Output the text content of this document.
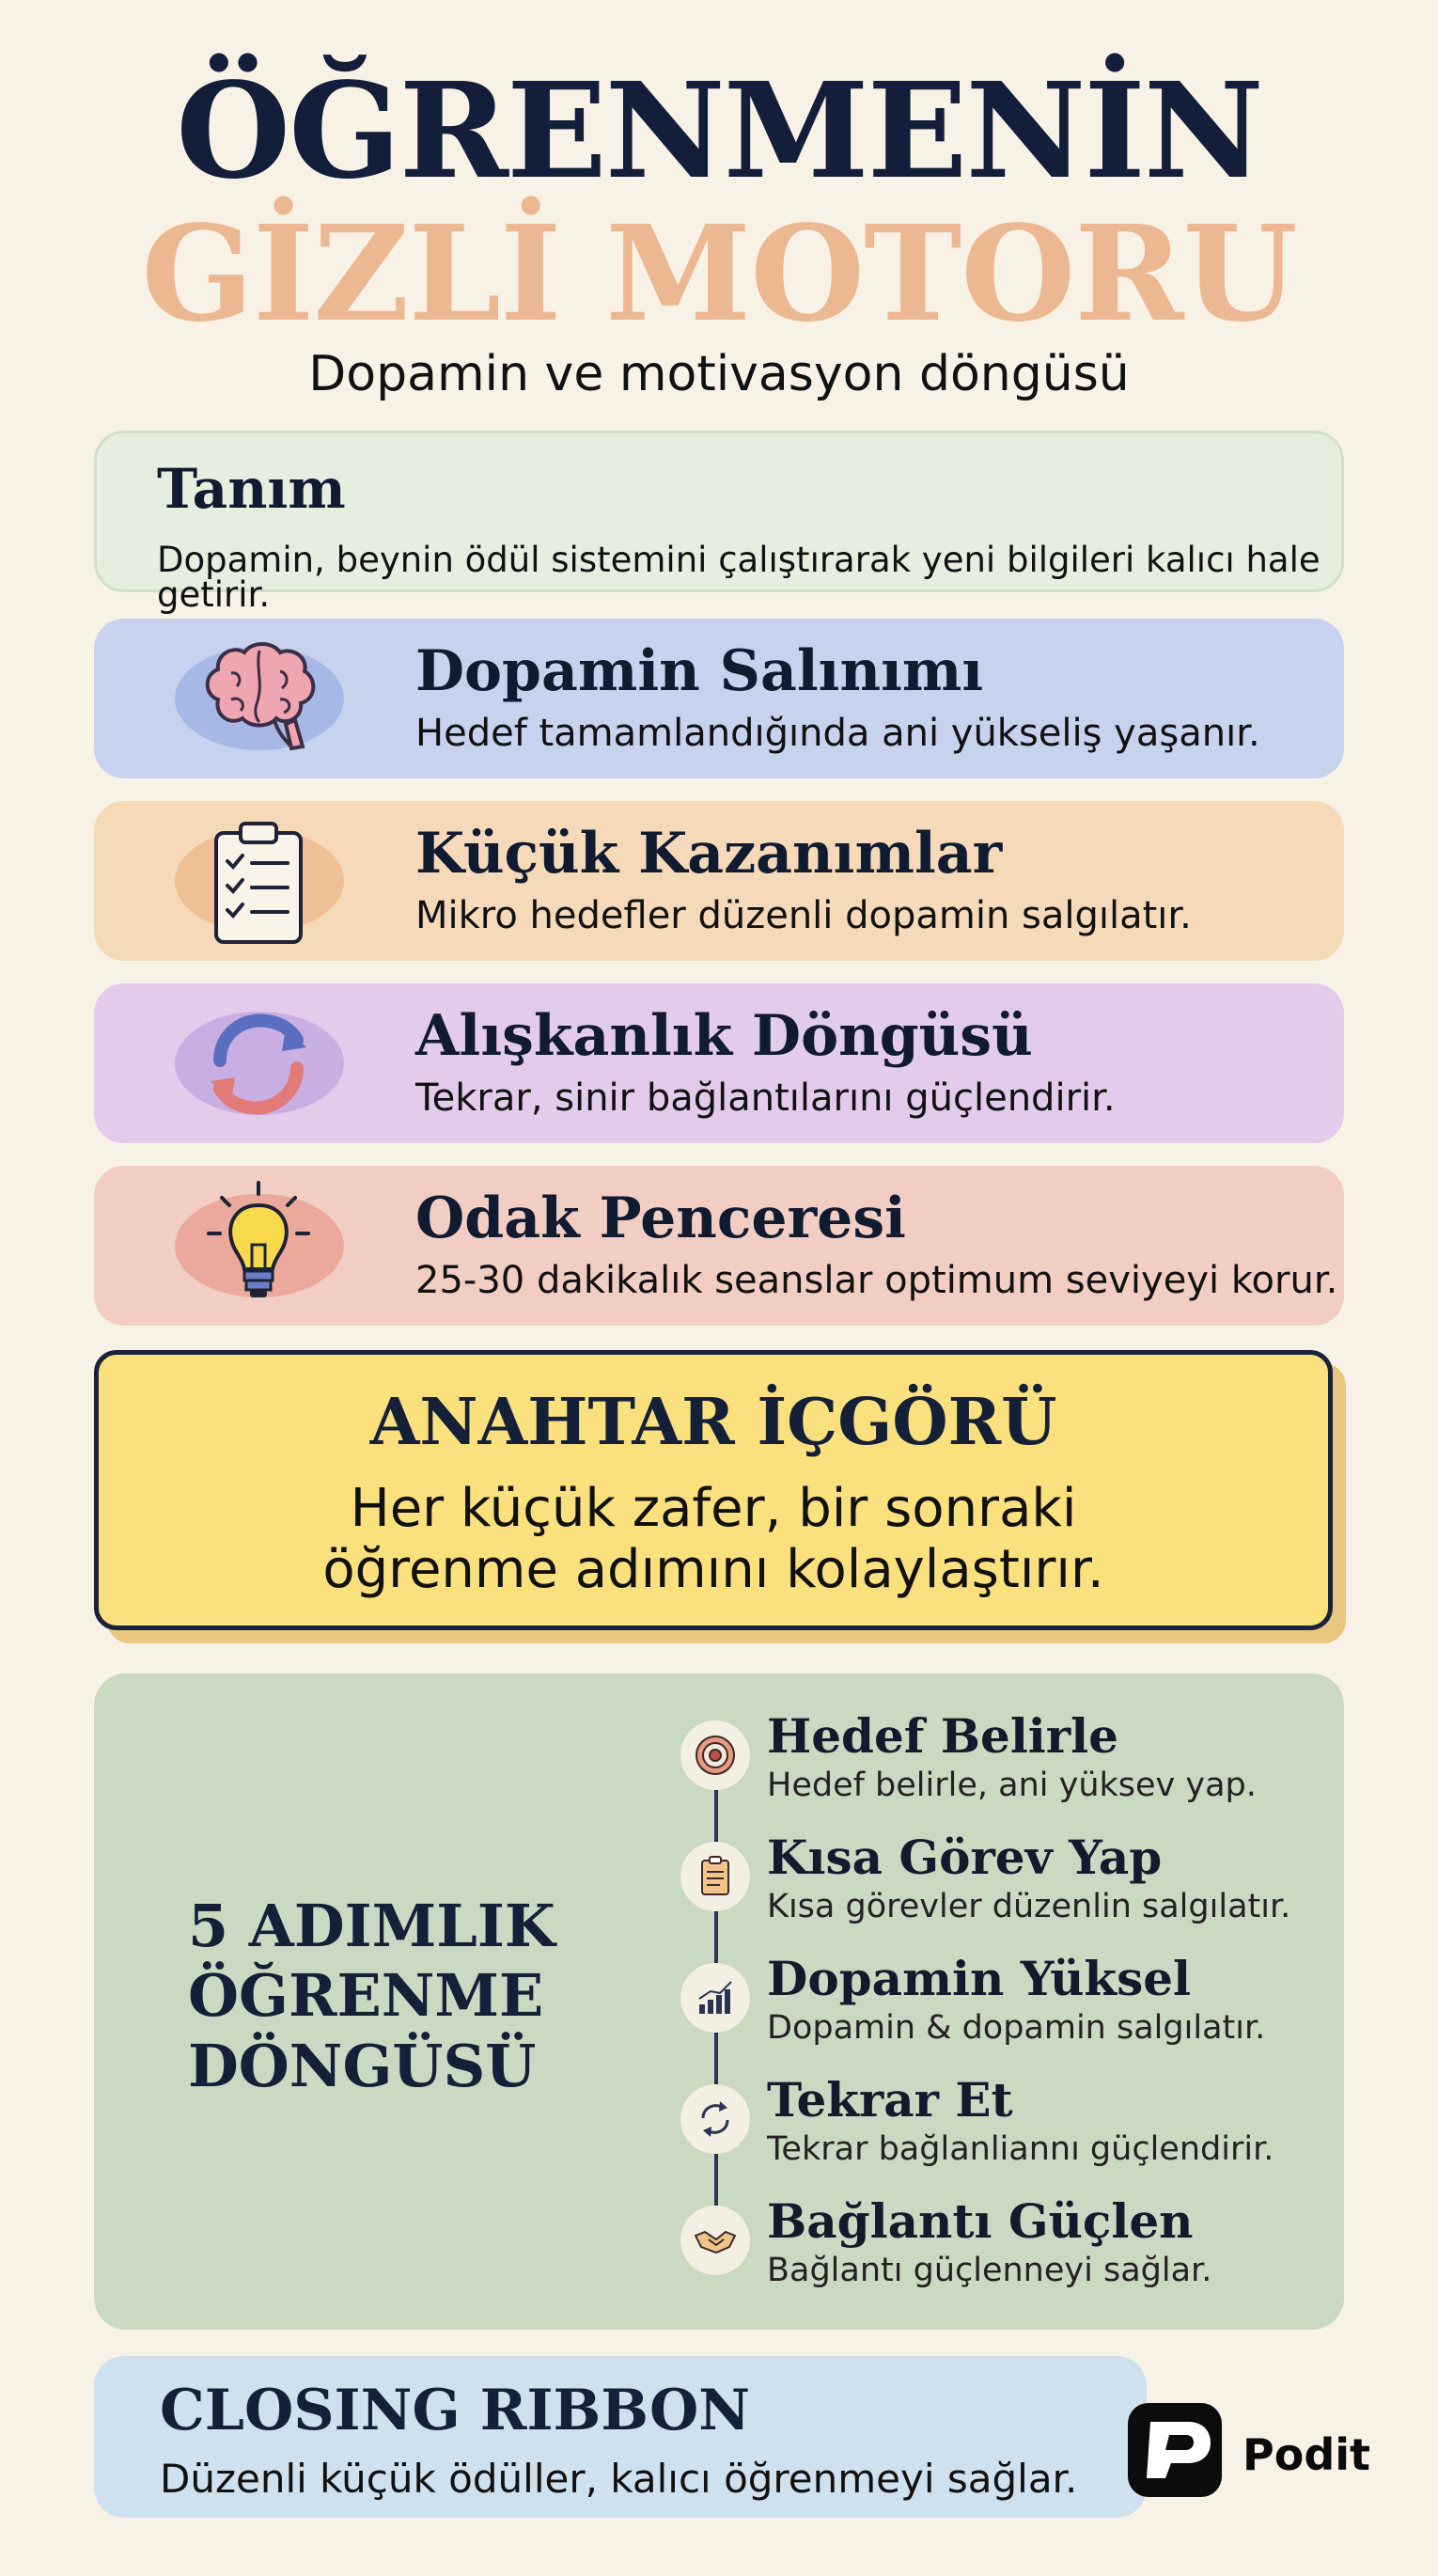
ÖĞRENMENİN
GİZLİ MOTORU
Dopamin ve motivasyon döngüsü
Tanım
Dopamin, beynin ödül sistemini çalıştırarak yeni bilgileri kalıcı hale getirir.
Dopamin Salınımı
Hedef tamamlandığında ani yükseliş yaşanır.
Küçük Kazanımlar
Mikro hedefler düzenli dopamin salgılatır.
Alışkanlık Döngüsü
Tekrar, sinir bağlantılarını güçlendirir.
Odak Penceresi
25-30 dakikalık seanslar optimum seviyeyi korur.
ANAHTAR İÇGÖRÜ
Her küçük zafer, bir sonraki
öğrenme adımını kolaylaştırır.
5 ADIMLIK
ÖĞRENME
DÖNGÜSÜ
Hedef Belirle
Hedef belirle, ani yüksev yap.
Kısa Görev Yap
Kısa görevler düzenlin salgılatır.
Dopamin Yüksel
Dopamin & dopamin salgılatır.
Tekrar Et
Tekrar bağlanliannı güçlendirir.
Bağlantı Güçlen
Bağlantı güçlenneyi sağlar.
CLOSING RIBBON
Düzenli küçük ödüller, kalıcı öğrenmeyi sağlar.	Podit
